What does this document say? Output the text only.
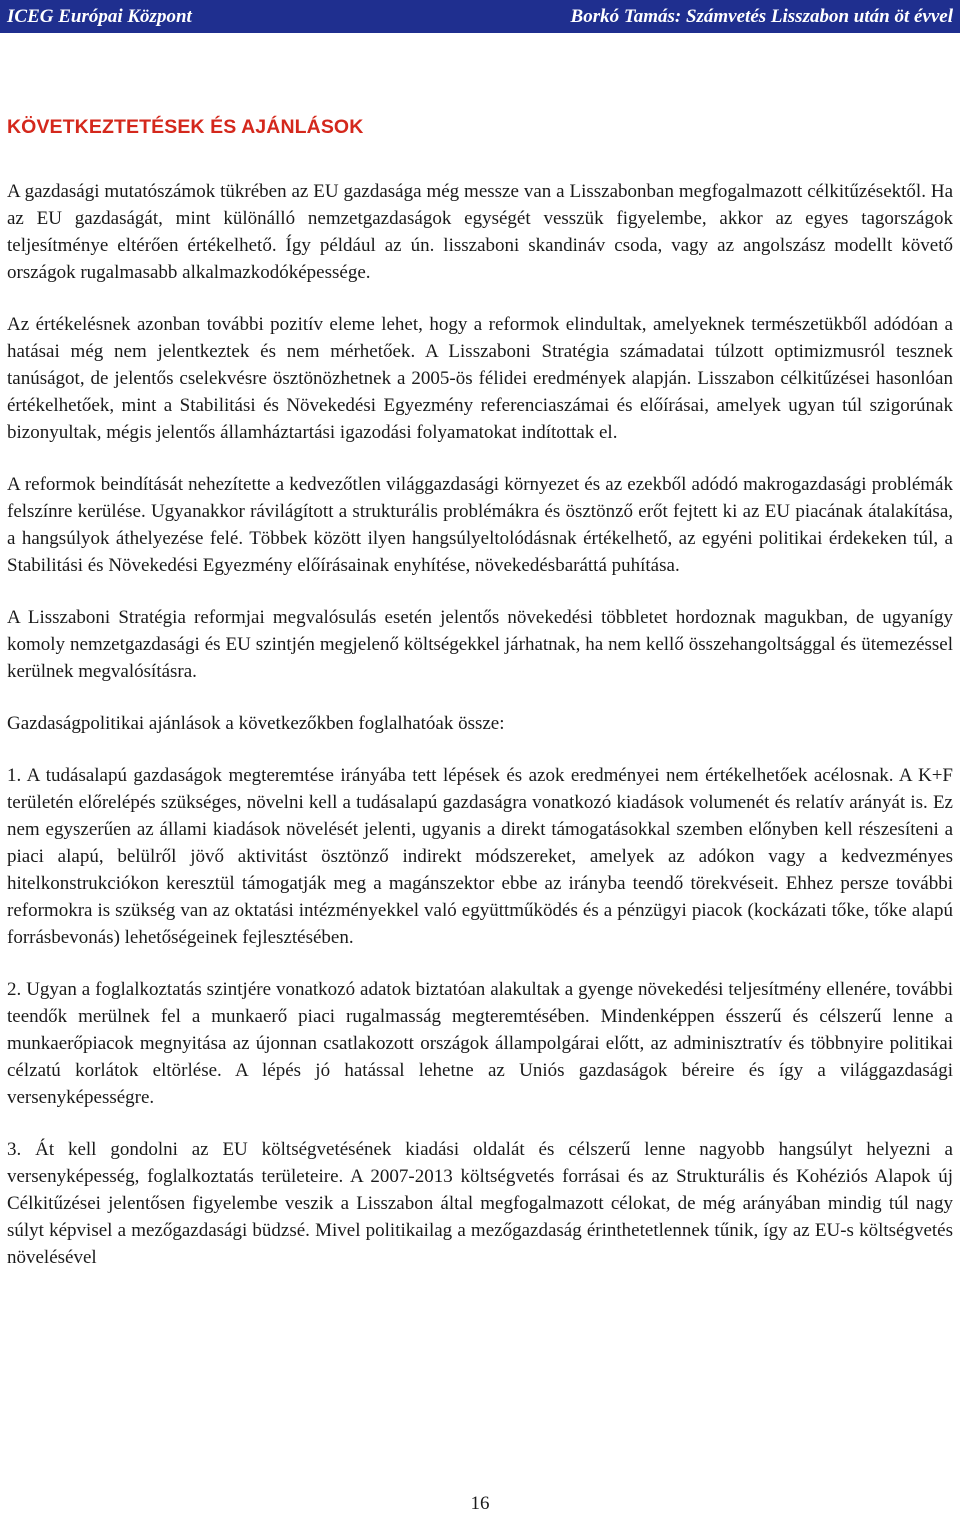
ICEG Európai Központ	Borkó Tamás: Számvetés Lisszabon után öt évvel
KÖVETKEZTETÉSEK ÉS AJÁNLÁSOK

A gazdasági mutatószámok tükrében az EU gazdasága még messze van a Lisszabonban megfogalmazott célkitűzésektől. Ha az EU gazdaságát, mint különálló nemzetgazdaságok egységét vesszük figyelembe, akkor az egyes tagországok teljesítménye eltérően értékelhető. Így például az ún. lisszaboni skandináv csoda, vagy az angolszász modellt követő országok rugalmasabb alkalmazkodóképessége.

Az értékelésnek azonban további pozitív eleme lehet, hogy a reformok elindultak, amelyeknek természetükből adódóan a hatásai még nem jelentkeztek és nem mérhetőek. A Lisszaboni Stratégia számadatai túlzott optimizmusról tesznek tanúságot, de jelentős cselekvésre ösztönözhetnek a 2005-ös félidei eredmények alapján. Lisszabon célkitűzései hasonlóan értékelhetőek, mint a Stabilitási és Növekedési Egyezmény referenciaszámai és előírásai, amelyek ugyan túl szigorúnak bizonyultak, mégis jelentős államháztartási igazodási folyamatokat indítottak el.

A reformok beindítását nehezítette a kedvezőtlen világgazdasági környezet és az ezekből adódó makrogazdasági problémák felszínre kerülése. Ugyanakkor rávilágított a strukturális problémákra és ösztönző erőt fejtett ki az EU piacának átalakítása, a hangsúlyok áthelyezése felé. Többek között ilyen hangsúlyeltolódásnak értékelhető, az egyéni politikai érdekeken túl, a Stabilitási és Növekedési Egyezmény előírásainak enyhítése, növekedésbaráttá puhítása.

A Lisszaboni Stratégia reformjai megvalósulás esetén jelentős növekedési többletet hordoznak magukban, de ugyanígy komoly nemzetgazdasági és EU szintjén megjelenő költségekkel járhatnak, ha nem kellő összehangoltsággal és ütemezéssel kerülnek megvalósításra.

Gazdaságpolitikai ajánlások a következőkben foglalhatóak össze:

1. A tudásalapú gazdaságok megteremtése irányába tett lépések és azok eredményei nem értékelhetőek acélosnak. A K+F területén előrelépés szükséges, növelni kell a tudásalapú gazdaságra vonatkozó kiadások volumenét és relatív arányát is. Ez nem egyszerűen az állami kiadások növelését jelenti, ugyanis a direkt támogatásokkal szemben előnyben kell részesíteni a piaci alapú, belülről jövő aktivitást ösztönző indirekt módszereket, amelyek az adókon vagy a kedvezményes hitelkonstrukciókon keresztül támogatják meg a magánszektor ebbe az irányba teendő törekvéseit. Ehhez persze további reformokra is szükség van az oktatási intézményekkel való együttműködés és a pénzügyi piacok (kockázati tőke, tőke alapú forrásbevonás) lehetőségeinek fejlesztésében.

2. Ugyan a foglalkoztatás szintjére vonatkozó adatok biztatóan alakultak a gyenge növekedési teljesítmény ellenére, további teendők merülnek fel a munkaerő piaci rugalmasság megteremtésében. Mindenképpen ésszerű és célszerű lenne a munkaerőpiacok megnyitása az újonnan csatlakozott országok állampolgárai előtt, az adminisztratív és többnyire politikai célzatú korlátok eltörlése. A lépés jó hatással lehetne az Uniós gazdaságok béreire és így a világgazdasági versenyképességre.

3. Át kell gondolni az EU költségvetésének kiadási oldalát és célszerű lenne nagyobb hangsúlyt helyezni a versenyképesség, foglalkoztatás területeire. A 2007-2013 költségvetés forrásai és az Strukturális és Kohéziós Alapok új Célkitűzései jelentősen figyelembe veszik a Lisszabon által megfogalmazott célokat, de még arányában mindig túl nagy súlyt képvisel a mezőgazdasági büdzsé. Mivel politikailag a mezőgazdaság érinthetetlennek tűnik, így az EU-s költségvetés növelésével

16
